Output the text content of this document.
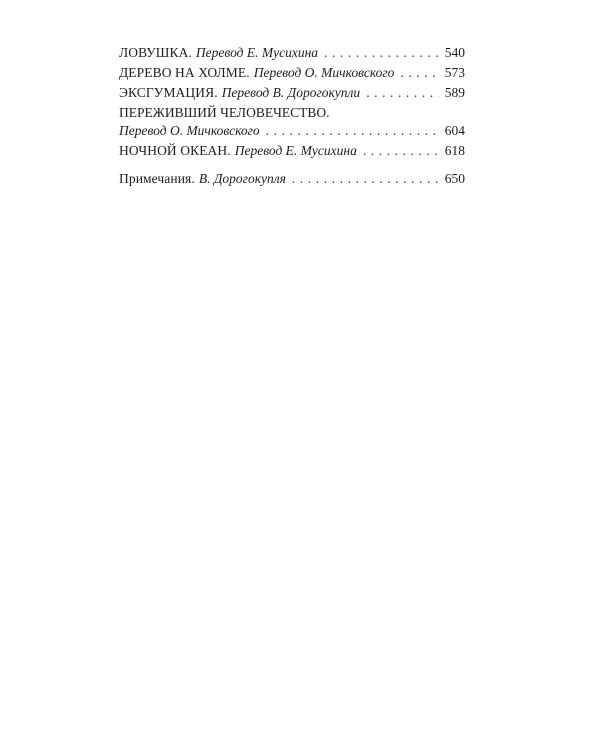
ЛОВУШКА. Перевод Е. Мусихина . . .	540
ДЕРЕВО НА ХОЛМЕ. Перевод О. Мичковского . . .	573
ЭКСГУМАЦИЯ. Перевод В. Дорогокупли . . .	589
ПЕРЕЖИВШИЙ ЧЕЛОВЕЧЕСТВО.
Перевод О. Мичковского . . .	604
НОЧНОЙ ОКЕАН. Перевод Е. Мусихина . . .	618
Примечания. В. Дорогокупля . . .	650
